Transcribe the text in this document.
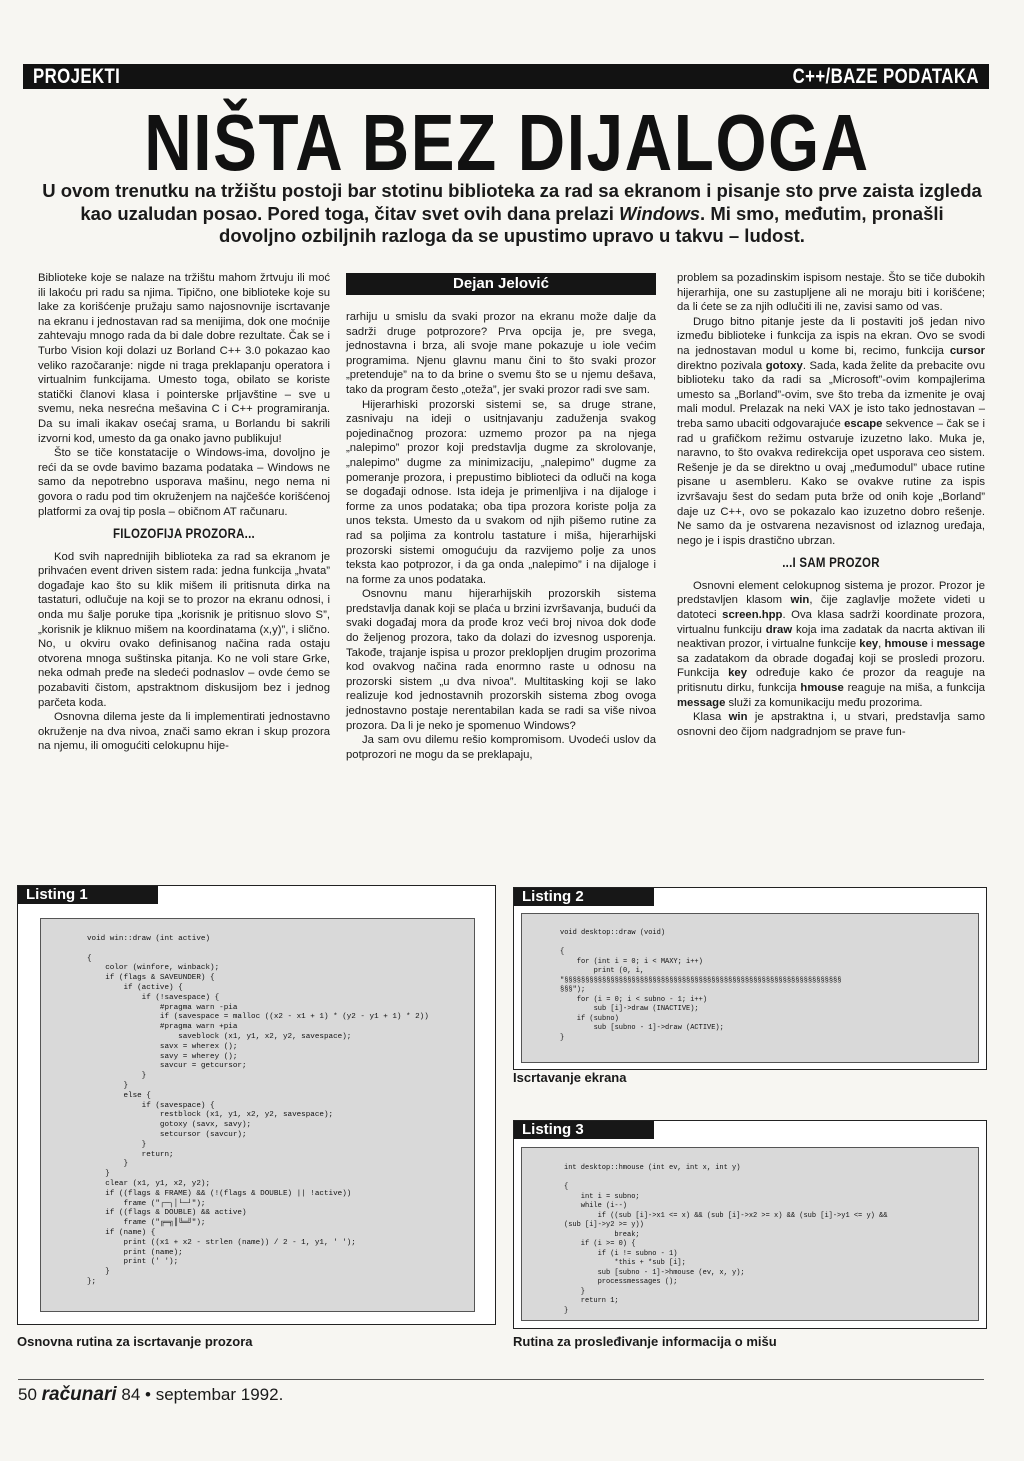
PROJEKTI	C++/BAZE PODATAKA
NIŠTA BEZ DIJALOGA
U ovom trenutku na tržištu postoji bar stotinu biblioteka za rad sa ekranom i pisanje sto prve zaista izgleda kao uzaludan posao. Pored toga, čitav svet ovih dana prelazi Windows. Mi smo, međutim, pronašli dovoljno ozbiljnih razloga da se upustimo upravo u takvu – ludost.

Biblioteke koje se nalaze na tržištu mahom žrtvuju ili moć ili lakoću pri radu sa njima. Tipično, one biblioteke koje su lake za korišćenje pružaju samo najosnovnije iscrtavanje na ekranu i jednostavan rad sa menijima, dok one moćnije zahtevaju mnogo rada da bi dale dobre rezultate. Čak se i Turbo Vision koji dolazi uz Borland C++ 3.0 pokazao kao veliko razočaranje: nigde ni traga preklapanju operatora i virtualnim funkcijama. Umesto toga, obilato se koriste statički članovi klasa i pointerske prljavštine – sve u svemu, neka nesrećna mešavina C i C++ programiranja. Da su imali ikakav osećaj srama, u Borlandu bi sakrili izvorni kod, umesto da ga onako javno publikuju!

Što se tiče konstatacije o Windows-ima, dovoljno je reći da se ovde bavimo bazama podataka – Windows ne samo da nepotrebno usporava mašinu, nego nema ni govora o radu pod tim okruženjem na najčešće korišćenoj platformi za ovaj tip posla – običnom AT računaru.

FILOZOFIJA PROZORA...

Kod svih naprednijih biblioteka za rad sa ekranom je prihvaćen event driven sistem rada: jedna funkcija „hvata” događaje kao što su klik mišem ili pritisnuta dirka na tastaturi, odlučuje na koji se to prozor na ekranu odnosi, i onda mu šalje poruke tipa „korisnik je pritisnuo slovo S”, „korisnik je kliknuo mišem na koordinatama (x,y)”, i slično. No, u okviru ovako definisanog načina rada ostaju otvorena mnoga suštinska pitanja. Ko ne voli stare Grke, neka odmah pređe na sledeći podnaslov – ovde ćemo se pozabaviti čistom, apstraktnom diskusijom bez i jednog parčeta koda.

Osnovna dilema jeste da li implementirati jednostavno okruženje na dva nivoa, znači samo ekran i skup prozora na njemu, ili omogućiti celokupnu hije-

Dejan Jelović

rarhiju u smislu da svaki prozor na ekranu može dalje da sadrži druge potprozore? Prva opcija je, pre svega, jednostavna i brza, ali svoje mane pokazuje u iole većim programima. Njenu glavnu manu čini to što svaki prozor „pretenduje” na to da brine o svemu što se u njemu dešava, tako da program često „oteža”, jer svaki prozor radi sve sam.

Hijerarhiski prozorski sistemi se, sa druge strane, zasnivaju na ideji o usitnjavanju zaduženja svakog pojedinačnog prozora: uzmemo prozor pa na njega „nalepimo” prozor koji predstavlja dugme za skrolovanje, „nalepimo” dugme za minimizaciju, „nalepimo” dugme za pomeranje prozora, i prepustimo biblioteci da odluči na koga se događaji odnose. Ista ideja je primenljiva i na dijaloge i forme za unos podataka; oba tipa prozora koriste polja za unos teksta. Umesto da u svakom od njih pišemo rutine za rad sa poljima za kontrolu tastature i miša, hijerarhijski prozorski sistemi omogućuju da razvijemo polje za unos teksta kao potprozor, i da ga onda „nalepimo” i na dijaloge i na forme za unos podataka.

Osnovnu manu hijerarhijskih prozorskih sistema predstavlja danak koji se plaća u brzini izvršavanja, budući da svaki događaj mora da prođe kroz veći broj nivoa dok dođe do željenog prozora, tako da dolazi do izvesnog usporenja. Takođe, trajanje ispisa u prozor preklopljen drugim prozorima kod ovakvog načina rada enormno raste u odnosu na prozorski sistem „u dva nivoa”. Multitasking koji se lako realizuje kod jednostavnih prozorskih sistema zbog ovoga jednostavno postaje nerentabilan kada se radi sa više nivoa prozora. Da li je neko je spomenuo Windows?

Ja sam ovu dilemu rešio kompromisom. Uvodeći uslov da potprozori ne mogu da se preklapaju,

problem sa pozadinskim ispisom nestaje. Što se tiče dubokih hijerarhija, one su zastupljene ali ne moraju biti i korišćene; da li ćete se za njih odlučiti ili ne, zavisi samo od vas.

Drugo bitno pitanje jeste da li postaviti još jedan nivo između biblioteke i funkcija za ispis na ekran. Ovo se svodi na jednostavan modul u kome bi, recimo, funkcija cursor direktno pozivala gotoxy. Sada, kada želite da prebacite ovu biblioteku tako da radi sa „Microsoft”-ovim kompajlerima umesto sa „Borland”-ovim, sve što treba da izmenite je ovaj mali modul. Prelazak na neki VAX je isto tako jednostavan – treba samo ubaciti odgovarajuće escape sekvence – čak se i rad u grafičkom režimu ostvaruje izuzetno lako. Muka je, naravno, to što ovakva redirekcija opet usporava ceo sistem. Rešenje je da se direktno u ovaj „međumodul” ubace rutine pisane u asembleru. Kako se ovakve rutine za ispis izvršavaju šest do sedam puta brže od onih koje „Borland” daje uz C++, ovo se pokazalo kao izuzetno dobro rešenje. Ne samo da je ostvarena nezavisnost od izlaznog uređaja, nego je i ispis drastično ubrzan.

...I SAM PROZOR

Osnovni element celokupnog sistema je prozor. Prozor je predstavljen klasom win, čije zaglavlje možete videti u datoteci screen.hpp. Ova klasa sadrži koordinate prozora, virtualnu funkciju draw koja ima zadatak da nacrta aktivan ili neaktivan prozor, i virtualne funkcije key, hmouse i message sa zadatakom da obrade događaj koji se prosledi prozoru. Funkcija key određuje kako će prozor da reaguje na pritisnutu dirku, funkcija hmouse reaguje na miša, a funkcija message služi za komunikaciju među prozorima.

Klasa win je apstraktna i, u stvari, predstavlja samo osnovni deo čijom nadgradnjom se prave fun-

Listing 1
void win::draw (int active)

{
color (winfore, winback);
if (flags & SAVEUNDER) {
if (active) {
if (!savespace) {
#pragma warn -pia
if (savespace = malloc ((x2 - x1 + 1) * (y2 - y1 + 1) * 2))
#pragma warn +pia
saveblock (x1, y1, x2, y2, savespace);
savx = wherex ();
savy = wherey ();
savcur = getcursor;
}
}
else {
if (savespace) {
restblock (x1, y1, x2, y2, savespace);
gotoxy (savx, savy);
setcursor (savcur);
}
return;
}
}
clear (x1, y1, x2, y2);
if ((flags & FRAME) && (!(flags & DOUBLE) || !active))
frame ("┌─┐│└─┘");
if ((flags & DOUBLE) && active)
frame ("╔═╗║╚═╝");
if (name) {
print ((x1 + x2 - strlen (name)) / 2 - 1, y1, ' ');
print (name);
print (' ');
}
};
Osnovna rutina za iscrtavanje prozora
Listing 2
void desktop::draw (void)

{
for (int i = 0; i < MAXY; i++)
print (0, i,
"§§§§§§§§§§§§§§§§§§§§§§§§§§§§§§§§§§§§§§§§§§§§§§§§§§§§§§§§§§§§§§§§§§
§§§");
for (i = 0; i < subno - 1; i++)
sub [i]->draw (INACTIVE);
if (subno)
sub [subno - 1]->draw (ACTIVE);
}
Iscrtavanje ekrana
Listing 3
int desktop::hmouse (int ev, int x, int y)

{
int i = subno;
while (i--)
if ((sub [i]->x1 <= x) && (sub [i]->x2 >= x) && (sub [i]->y1 <= y) &&
(sub [i]->y2 >= y))
break;
if (i >= 0) {
if (i != subno - 1)
*this + *sub [i];
sub [subno - 1]->hmouse (ev, x, y);
processmessages ();
}
return 1;
}
Rutina za prosleđivanje informacija o mišu
50 računari 84 • septembar 1992.
